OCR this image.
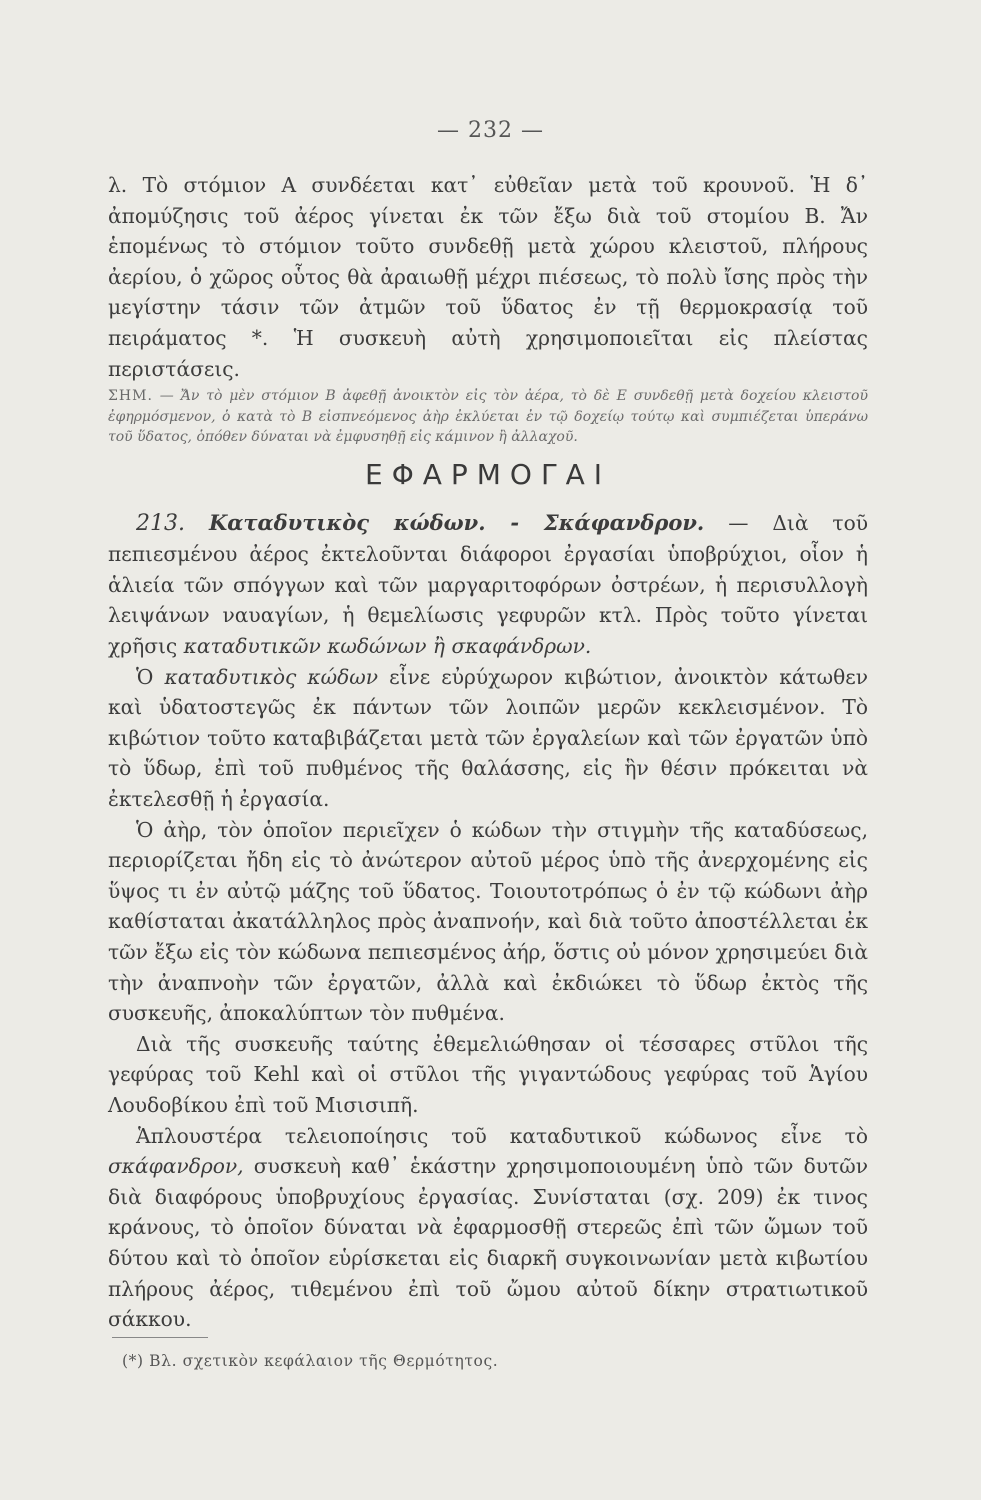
— 232 —

λ. Τὸ στόμιον Α συνδέεται κατ᾽ εὐθεῖαν μετὰ τοῦ κρουνοῦ. Ἡ δ᾽ ἀπομύζησις τοῦ ἀέρος γίνεται ἐκ τῶν ἔξω διὰ τοῦ στομίου Β. Ἄν ἑπομένως τὸ στόμιον τοῦτο συνδεθῇ μετὰ χώρου κλειστοῦ, πλήρους ἀερίου, ὁ χῶρος οὗτος θὰ ἀραιωθῇ μέχρι πιέσεως, τὸ πολὺ ἴσης πρὸς τὴν μεγίστην τάσιν τῶν ἀτμῶν τοῦ ὕδατος ἐν τῇ θερμοκρασίᾳ τοῦ πειράματος *. Ἡ συσκευὴ αὐτὴ χρησιμοποιεῖται εἰς πλείστας περιστάσεις.

ΣΗΜ. — Ἄν τὸ μὲν στόμιον Β ἀφεθῇ ἀνοικτὸν εἰς τὸν ἀέρα, τὸ δὲ Ε συνδεθῇ μετὰ δοχείου κλειστοῦ ἐφηρμόσμενον, ὁ κατὰ τὸ Β εἰσπνεόμενος ἀὴρ ἐκλύεται ἐν τῷ δοχείῳ τούτῳ καὶ συμπιέζεται ὑπεράνω τοῦ ὕδατος, ὁπόθεν δύναται νὰ ἐμφυσηθῇ εἰς κάμινον ἢ ἀλλαχοῦ.

ΕΦΑΡΜΟΓΑΙ

213. Καταδυτικὸς κώδων. - Σκάφανδρον. — Διὰ τοῦ πεπιεσμένου ἀέρος ἐκτελοῦνται διάφοροι ἐργασίαι ὑποβρύχιοι, οἷον ἡ ἁλιεία τῶν σπόγγων καὶ τῶν μαργαριτοφόρων ὀστρέων, ἡ περισυλλογὴ λειψάνων ναυαγίων, ἡ θεμελίωσις γεφυρῶν κτλ. Πρὸς τοῦτο γίνεται χρῆσις καταδυτικῶν κωδώνων ἢ σκαφάνδρων.

Ὁ καταδυτικὸς κώδων εἶνε εὐρύχωρον κιβώτιον, ἀνοικτὸν κάτωθεν καὶ ὑδατοστεγῶς ἐκ πάντων τῶν λοιπῶν μερῶν κεκλεισμένον. Τὸ κιβώτιον τοῦτο καταβιβάζεται μετὰ τῶν ἐργαλείων καὶ τῶν ἐργατῶν ὑπὸ τὸ ὕδωρ, ἐπὶ τοῦ πυθμένος τῆς θαλάσσης, εἰς ἣν θέσιν πρόκειται νὰ ἐκτελεσθῇ ἡ ἐργασία.

Ὁ ἀὴρ, τὸν ὁποῖον περιεῖχεν ὁ κώδων τὴν στιγμὴν τῆς καταδύσεως, περιορίζεται ἤδη εἰς τὸ ἀνώτερον αὐτοῦ μέρος ὑπὸ τῆς ἀνερχομένης εἰς ὕψος τι ἐν αὐτῷ μάζης τοῦ ὕδατος. Τοιουτοτρόπως ὁ ἐν τῷ κώδωνι ἀὴρ καθίσταται ἀκατάλληλος πρὸς ἀναπνοήν, καὶ διὰ τοῦτο ἀποστέλλεται ἐκ τῶν ἔξω εἰς τὸν κώδωνα πεπιεσμένος ἀήρ, ὅστις οὐ μόνον χρησιμεύει διὰ τὴν ἀναπνοὴν τῶν ἐργατῶν, ἀλλὰ καὶ ἐκδιώκει τὸ ὕδωρ ἐκτὸς τῆς συσκευῆς, ἀποκαλύπτων τὸν πυθμένα.

Διὰ τῆς συσκευῆς ταύτης ἐθεμελιώθησαν οἱ τέσσαρες στῦλοι τῆς γεφύρας τοῦ Kehl καὶ οἱ στῦλοι τῆς γιγαντώδους γεφύρας τοῦ Ἁγίου Λουδοβίκου ἐπὶ τοῦ Μισισιπῆ.

Ἁπλουστέρα τελειοποίησις τοῦ καταδυτικοῦ κώδωνος εἶνε τὸ σκάφανδρον, συσκευὴ καθ᾽ ἑκάστην χρησιμοποιουμένη ὑπὸ τῶν δυτῶν διὰ διαφόρους ὑποβρυχίους ἐργασίας. Συνίσταται (σχ. 209) ἐκ τινος κράνους, τὸ ὁποῖον δύναται νὰ ἐφαρμοσθῇ στερεῶς ἐπὶ τῶν ὤμων τοῦ δύτου καὶ τὸ ὁποῖον εὑρίσκεται εἰς διαρκῆ συγκοινωνίαν μετὰ κιβωτίου πλήρους ἀέρος, τιθεμένου ἐπὶ τοῦ ὤμου αὐτοῦ δίκην στρατιωτικοῦ σάκκου.

(*) Βλ. σχετικὸν κεφάλαιον τῆς Θερμότητος.
